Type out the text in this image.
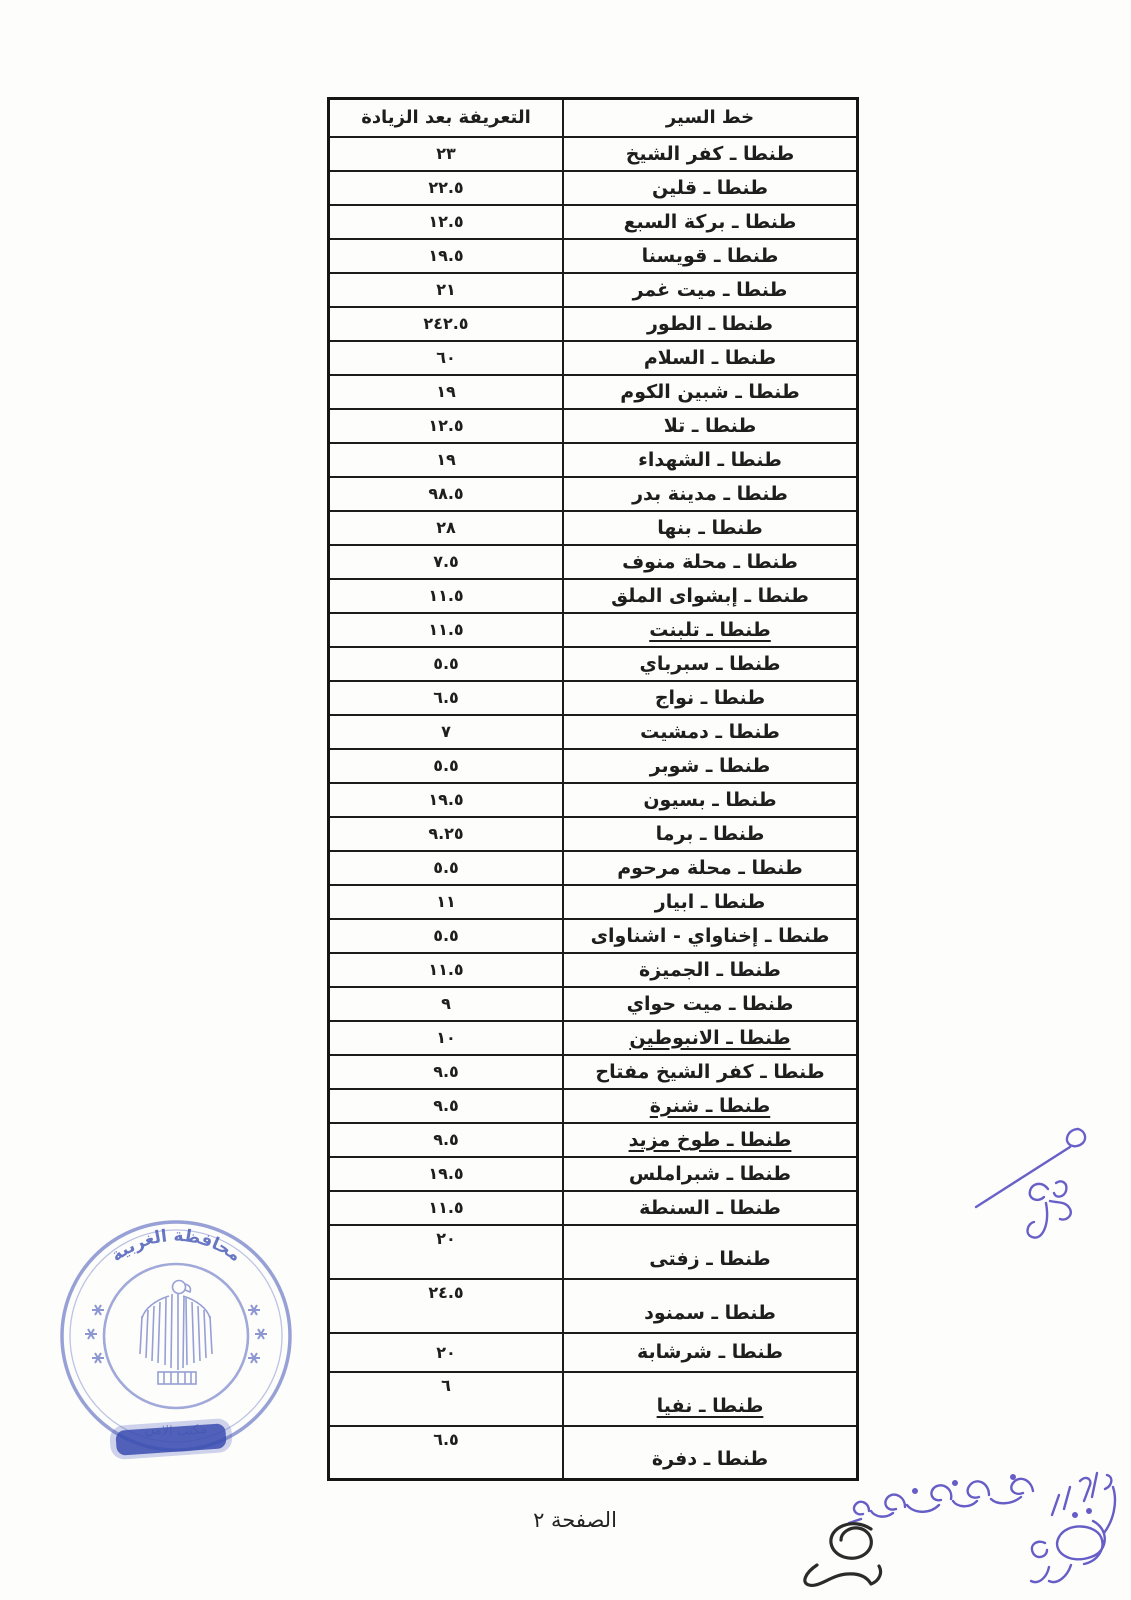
خط السير	التعريفة بعد الزيادة
طنطا ـ كفر الشيخ	٢٣
طنطا ـ قلين	٢٢.٥
طنطا ـ بركة السبع	١٢.٥
طنطا ـ قويسنا	١٩.٥
طنطا ـ ميت غمر	٢١
طنطا ـ الطور	٢٤٢.٥
طنطا ـ السلام	٦٠
طنطا ـ شبين الكوم	١٩
طنطا ـ تلا	١٢.٥
طنطا ـ الشهداء	١٩
طنطا ـ مدينة بدر	٩٨.٥
طنطا ـ بنها	٢٨
طنطا ـ محلة منوف	٧.٥
طنطا ـ إبشواى الملق	١١.٥
طنطا ـ تلبنت	١١.٥
طنطا ـ سبرباي	٥.٥
طنطا ـ نواج	٦.٥
طنطا ـ دمشيت	٧
طنطا ـ شوبر	٥.٥
طنطا ـ بسيون	١٩.٥
طنطا ـ برما	٩.٢٥
طنطا ـ محلة مرحوم	٥.٥
طنطا ـ ابيار	١١
طنطا ـ إخناواي - اشناواى	٥.٥
طنطا ـ الجميزة	١١.٥
طنطا ـ ميت حواي	٩
طنطا ـ الانبوطين	١٠
طنطا ـ كفر الشيخ مفتاح	٩.٥
طنطا ـ شنرة	٩.٥
طنطا ـ طوخ مزيد	٩.٥
طنطا ـ شبراملس	١٩.٥
طنطا ـ السنطة	١١.٥
طنطا ـ زفتى	٢٠
طنطا ـ سمنود	٢٤.٥
طنطا ـ شرشابة	٢٠
طنطا ـ نفيا	٦
طنطا ـ دفرة	٦.٥
محافظة الغربية
الصفحة ٢
